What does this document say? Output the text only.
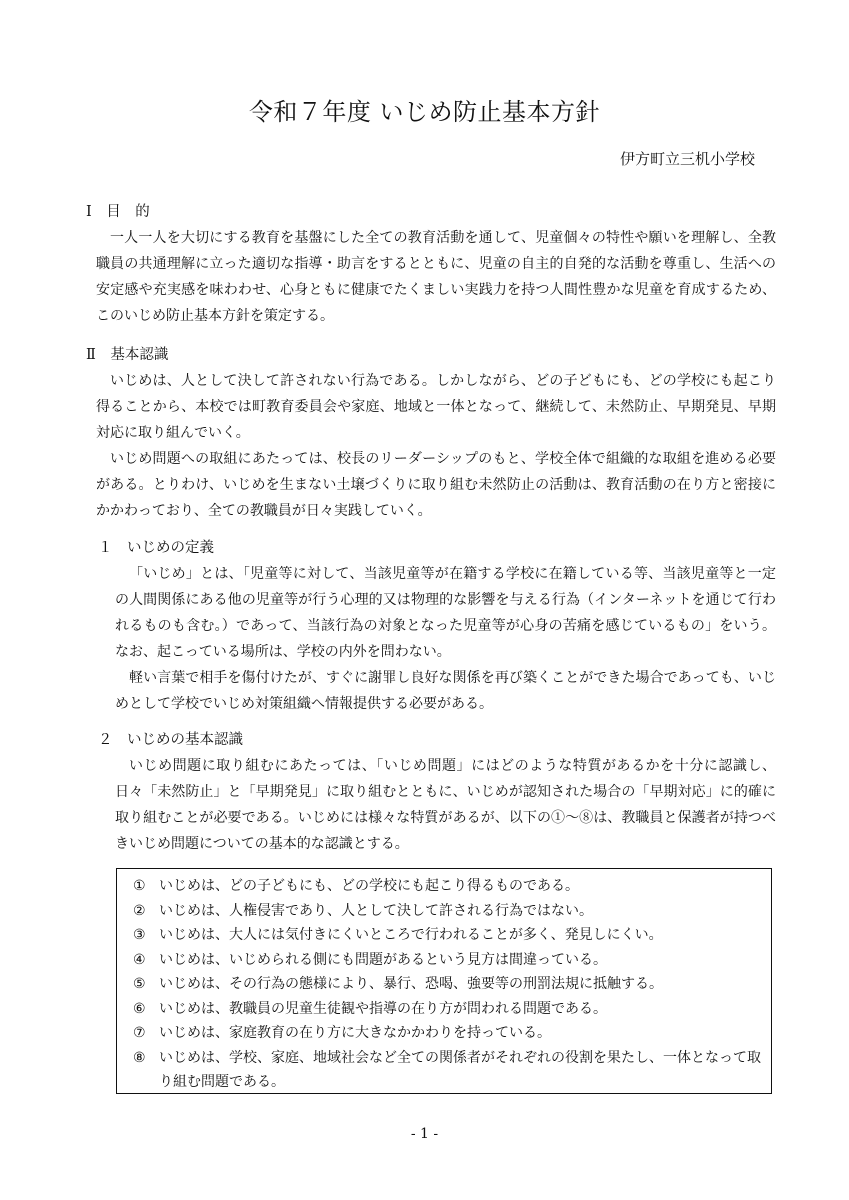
令和７年度 いじめ防止基本方針
伊方町立三机小学校
Ⅰ　目　的

一人一人を大切にする教育を基盤にした全ての教育活動を通して、児童個々の特性や願いを理解し、全教職員の共通理解に立った適切な指導・助言をするとともに、児童の自主的自発的な活動を尊重し、生活への安定感や充実感を味わわせ、心身ともに健康でたくましい実践力を持つ人間性豊かな児童を育成するため、このいじめ防止基本方針を策定する。

Ⅱ　基本認識

いじめは、人として決して許されない行為である。しかしながら、どの子どもにも、どの学校にも起こり得ることから、本校では町教育委員会や家庭、地域と一体となって、継続して、未然防止、早期発見、早期対応に取り組んでいく。

いじめ問題への取組にあたっては、校長のリーダーシップのもと、学校全体で組織的な取組を進める必要がある。とりわけ、いじめを生まない土壌づくりに取り組む未然防止の活動は、教育活動の在り方と密接にかかわっており、全ての教職員が日々実践していく。

１　いじめの定義

「いじめ」とは、「児童等に対して、当該児童等が在籍する学校に在籍している等、当該児童等と一定の人間関係にある他の児童等が行う心理的又は物理的な影響を与える行為（インターネットを通じて行われるものも含む。）であって、当該行為の対象となった児童等が心身の苦痛を感じているもの」をいう。なお、起こっている場所は、学校の内外を問わない。

軽い言葉で相手を傷付けたが、すぐに謝罪し良好な関係を再び築くことができた場合であっても、いじめとして学校でいじめ対策組織へ情報提供する必要がある。

２　いじめの基本認識

いじめ問題に取り組むにあたっては、「いじめ問題」にはどのような特質があるかを十分に認識し、日々「未然防止」と「早期発見」に取り組むとともに、いじめが認知された場合の「早期対応」に的確に取り組むことが必要である。いじめには様々な特質があるが、以下の①～⑧は、教職員と保護者が持つべきいじめ問題についての基本的な認識とする。

① いじめは、どの子どもにも、どの学校にも起こり得るものである。
② いじめは、人権侵害であり、人として決して許される行為ではない。
③ いじめは、大人には気付きにくいところで行われることが多く、発見しにくい。
④ いじめは、いじめられる側にも問題があるという見方は間違っている。
⑤ いじめは、その行為の態様により、暴行、恐喝、強要等の刑罰法規に抵触する。
⑥ いじめは、教職員の児童生徒観や指導の在り方が問われる問題である。
⑦ いじめは、家庭教育の在り方に大きなかかわりを持っている。
⑧ いじめは、学校、家庭、地域社会など全ての関係者がそれぞれの役割を果たし、一体となって取り組む問題である。
- 1 -
